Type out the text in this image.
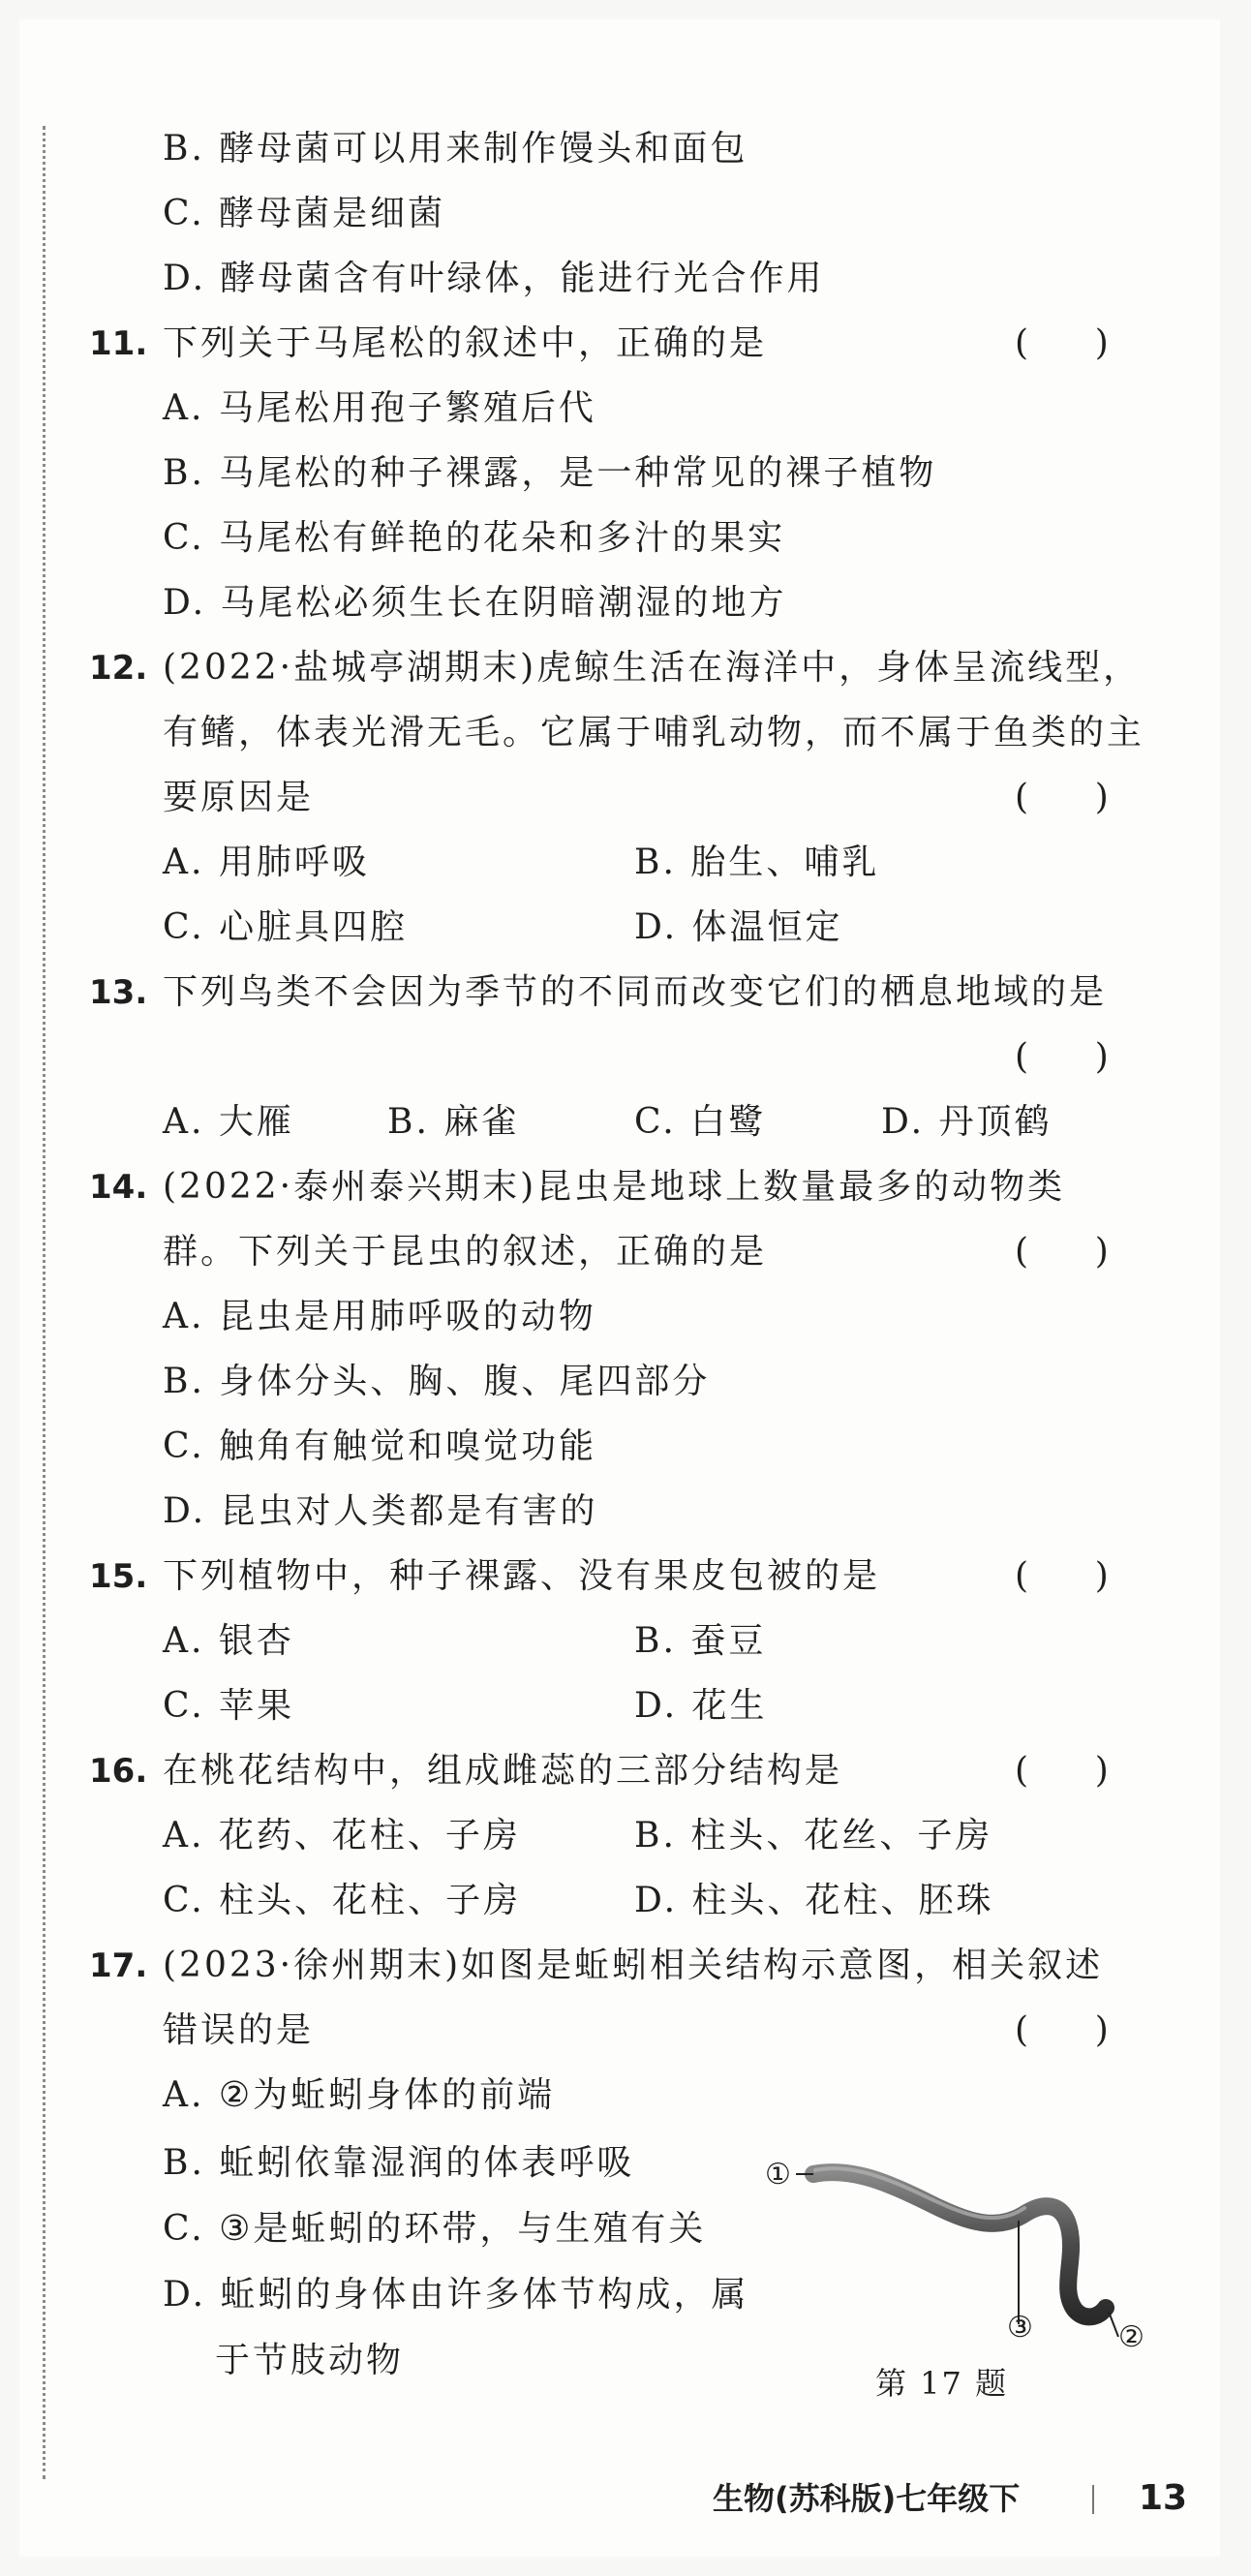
B. 酵母菌可以用来制作馒头和面包
C. 酵母菌是细菌
D. 酵母菌含有叶绿体，能进行光合作用
11. 下列关于马尾松的叙述中，正确的是	(      )
A. 马尾松用孢子繁殖后代
B. 马尾松的种子裸露，是一种常见的裸子植物
C. 马尾松有鲜艳的花朵和多汁的果实
D. 马尾松必须生长在阴暗潮湿的地方
12. (2022·盐城亭湖期末)虎鲸生活在海洋中，身体呈流线型，
有鳍，体表光滑无毛。它属于哺乳动物，而不属于鱼类的主
要原因是	(      )
A. 用肺呼吸	B. 胎生、哺乳
C. 心脏具四腔	D. 体温恒定
13. 下列鸟类不会因为季节的不同而改变它们的栖息地域的是
(      )
A. 大雁	B. 麻雀	C. 白鹭	D. 丹顶鹤
14. (2022·泰州泰兴期末)昆虫是地球上数量最多的动物类
群。下列关于昆虫的叙述，正确的是	(      )
A. 昆虫是用肺呼吸的动物
B. 身体分头、胸、腹、尾四部分
C. 触角有触觉和嗅觉功能
D. 昆虫对人类都是有害的
15. 下列植物中，种子裸露、没有果皮包被的是	(      )
A. 银杏	B. 蚕豆
C. 苹果	D. 花生
16. 在桃花结构中，组成雌蕊的三部分结构是	(      )
A. 花药、花柱、子房	B. 柱头、花丝、子房
C. 柱头、花柱、子房	D. 柱头、花柱、胚珠
17. (2023·徐州期末)如图是蚯蚓相关结构示意图，相关叙述
错误的是	(      )
A. ②为蚯蚓身体的前端
B. 蚯蚓依靠湿润的体表呼吸
C. ③是蚯蚓的环带，与生殖有关
D. 蚯蚓的身体由许多体节构成，属
于节肢动物
①
③	②
第 17 题
生物(苏科版)七年级下	13
